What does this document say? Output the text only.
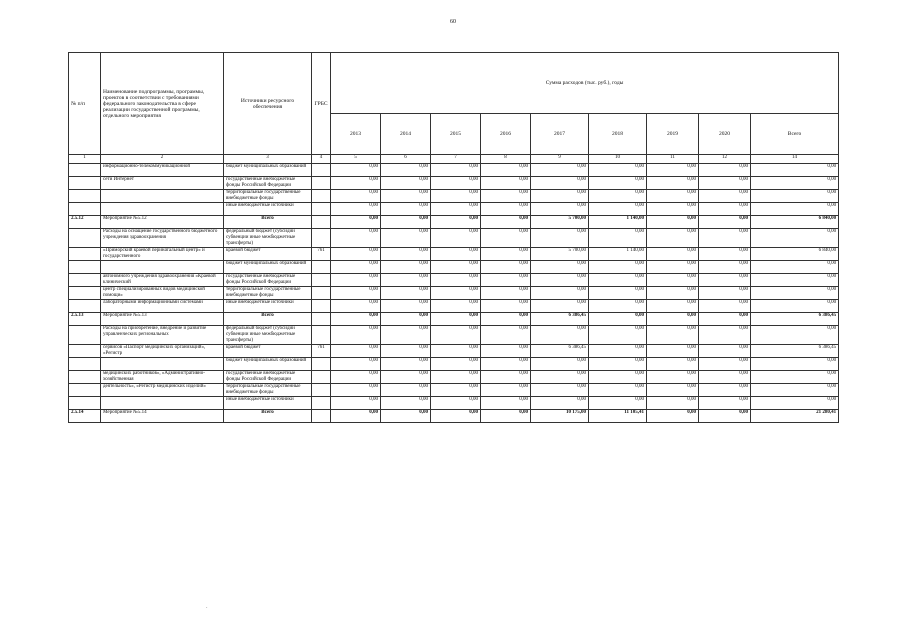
60
№ п/п	Наименование подпрограммы, программы, проектов в соответствии с требованиями федерального законодательства в сфере реализации государственной программы, отдельного мероприятия	Источники ресурсного обеспечения	ГРБС	Сумма расходов (тыс. руб.), годы								
				2013	2014	2015	2016	2017	2018	2019	2020	Всего
1	2	3	4	5	6	7	8	9	10	11	12	14
	информационно-телекоммуникационной	бюджет муниципальных образований		0,00	0,00	0,00	0,00	0,00	0,00	0,00	0,00	0,00
	сети Интернет	государственные внебюджетные фонды Российской Федерации		0,00	0,00	0,00	0,00	0,00	0,00	0,00	0,00	0,00
		территориальные государственные внебюджетные фонды		0,00	0,00	0,00	0,00	0,00	0,00	0,00	0,00	0,00
		иные внебюджетные источники		0,00	0,00	0,00	0,00	0,00	0,00	0,00	0,00	0,00
2.5.12	Мероприятие №5.12	Всего		0,00	0,00	0,00	0,00	5 700,00	1 140,00	0,00	0,00	6 840,00
	Расходы на оснащение государственного бюджетного учреждения здравоохранения	федеральный бюджет (субсидии субвенции иные межбюджетные трансферты)		0,00	0,00	0,00	0,00	0,00	0,00	0,00	0,00	0,00
	«Приморский краевой перинатальный центр» и государственного	краевой бюджет	761	0,00	0,00	0,00	0,00	5 700,00	1 140,00	0,00	0,00	6 840,00
		бюджет муниципальных образований		0,00	0,00	0,00	0,00	0,00	0,00	0,00	0,00	0,00
	автономного учреждения здравоохранения «Краевой клинический	государственные внебюджетные фонды Российской Федерации		0,00	0,00	0,00	0,00	0,00	0,00	0,00	0,00	0,00
	центр специализированных видов медицинской помощи»	территориальные государственные внебюджетные фонды		0,00	0,00	0,00	0,00	0,00	0,00	0,00	0,00	0,00
	лабораторными информационными системами	иные внебюджетные источники		0,00	0,00	0,00	0,00	0,00	0,00	0,00	0,00	0,00
2.5.13	Мероприятие №5.13	Всего		0,00	0,00	0,00	0,00	6 386,45	0,00	0,00	0,00	6 386,45
	Расходы на приобретение, внедрение и развитие управленческих региональных	федеральный бюджет (субсидии субвенции иные межбюджетные трансферты)		0,00	0,00	0,00	0,00	0,00	0,00	0,00	0,00	0,00
	сервисов «Паспорт медицинских организаций», «Регистр	краевой бюджет	761	0,00	0,00	0,00	0,00	6 386,45	0,00	0,00	0,00	6 386,45
		бюджет муниципальных образований		0,00	0,00	0,00	0,00	0,00	0,00	0,00	0,00	0,00
	медицинских работников», «Административно-хозяйственная	государственные внебюджетные фонды Российской Федерации		0,00	0,00	0,00	0,00	0,00	0,00	0,00	0,00	0,00
	деятельность», «Регистр медицинских изделий»	территориальные государственные внебюджетные фонды		0,00	0,00	0,00	0,00	0,00	0,00	0,00	0,00	0,00
		иные внебюджетные источники		0,00	0,00	0,00	0,00	0,00	0,00	0,00	0,00	0,00
2.5.14	Мероприятие №5.14	Всего		0,00	0,00	0,00	0,00	10 175,00	11 105,41	0,00	0,00	21 280,41
·
